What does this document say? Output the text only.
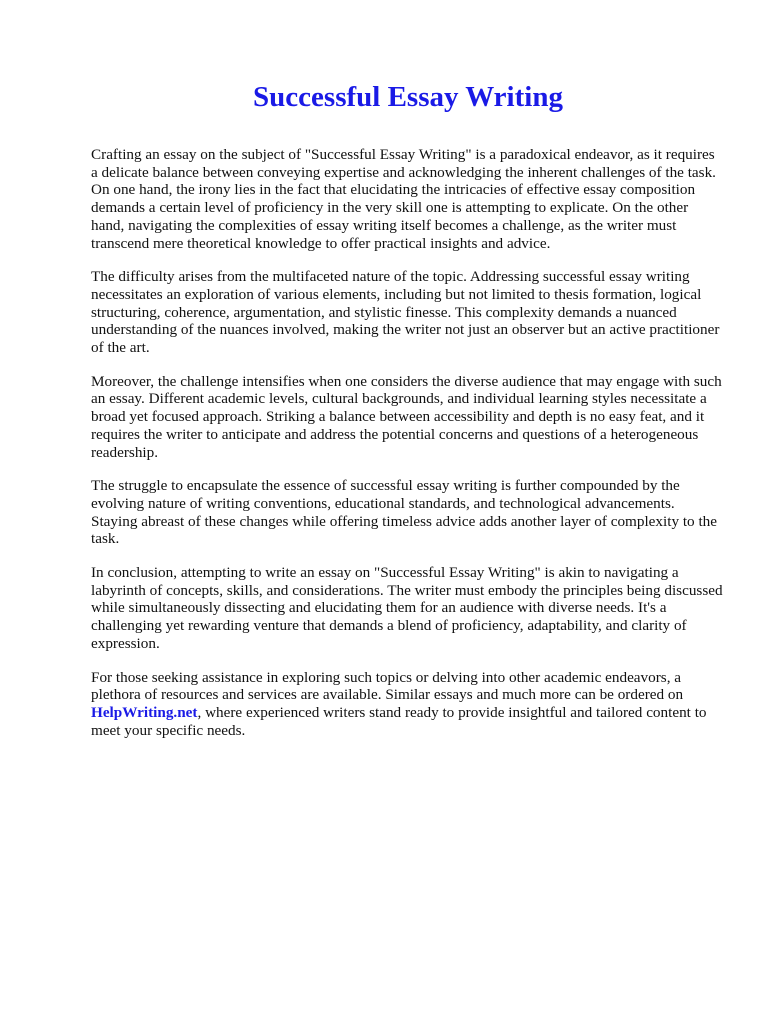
Successful Essay Writing

Crafting an essay on the subject of "Successful Essay Writing" is a paradoxical endeavor, as it requires a delicate balance between conveying expertise and acknowledging the inherent challenges of the task. On one hand, the irony lies in the fact that elucidating the intricacies of effective essay composition demands a certain level of proficiency in the very skill one is attempting to explicate. On the other hand, navigating the complexities of essay writing itself becomes a challenge, as the writer must transcend mere theoretical knowledge to offer practical insights and advice.

The difficulty arises from the multifaceted nature of the topic. Addressing successful essay writing necessitates an exploration of various elements, including but not limited to thesis formation, logical structuring, coherence, argumentation, and stylistic finesse. This complexity demands a nuanced understanding of the nuances involved, making the writer not just an observer but an active practitioner of the art.

Moreover, the challenge intensifies when one considers the diverse audience that may engage with such an essay. Different academic levels, cultural backgrounds, and individual learning styles necessitate a broad yet focused approach. Striking a balance between accessibility and depth is no easy feat, and it requires the writer to anticipate and address the potential concerns and questions of a heterogeneous readership.

The struggle to encapsulate the essence of successful essay writing is further compounded by the evolving nature of writing conventions, educational standards, and technological advancements. Staying abreast of these changes while offering timeless advice adds another layer of complexity to the task.

In conclusion, attempting to write an essay on "Successful Essay Writing" is akin to navigating a labyrinth of concepts, skills, and considerations. The writer must embody the principles being discussed while simultaneously dissecting and elucidating them for an audience with diverse needs. It's a challenging yet rewarding venture that demands a blend of proficiency, adaptability, and clarity of expression.

For those seeking assistance in exploring such topics or delving into other academic endeavors, a plethora of resources and services are available. Similar essays and much more can be ordered on HelpWriting.net, where experienced writers stand ready to provide insightful and tailored content to meet your specific needs.
